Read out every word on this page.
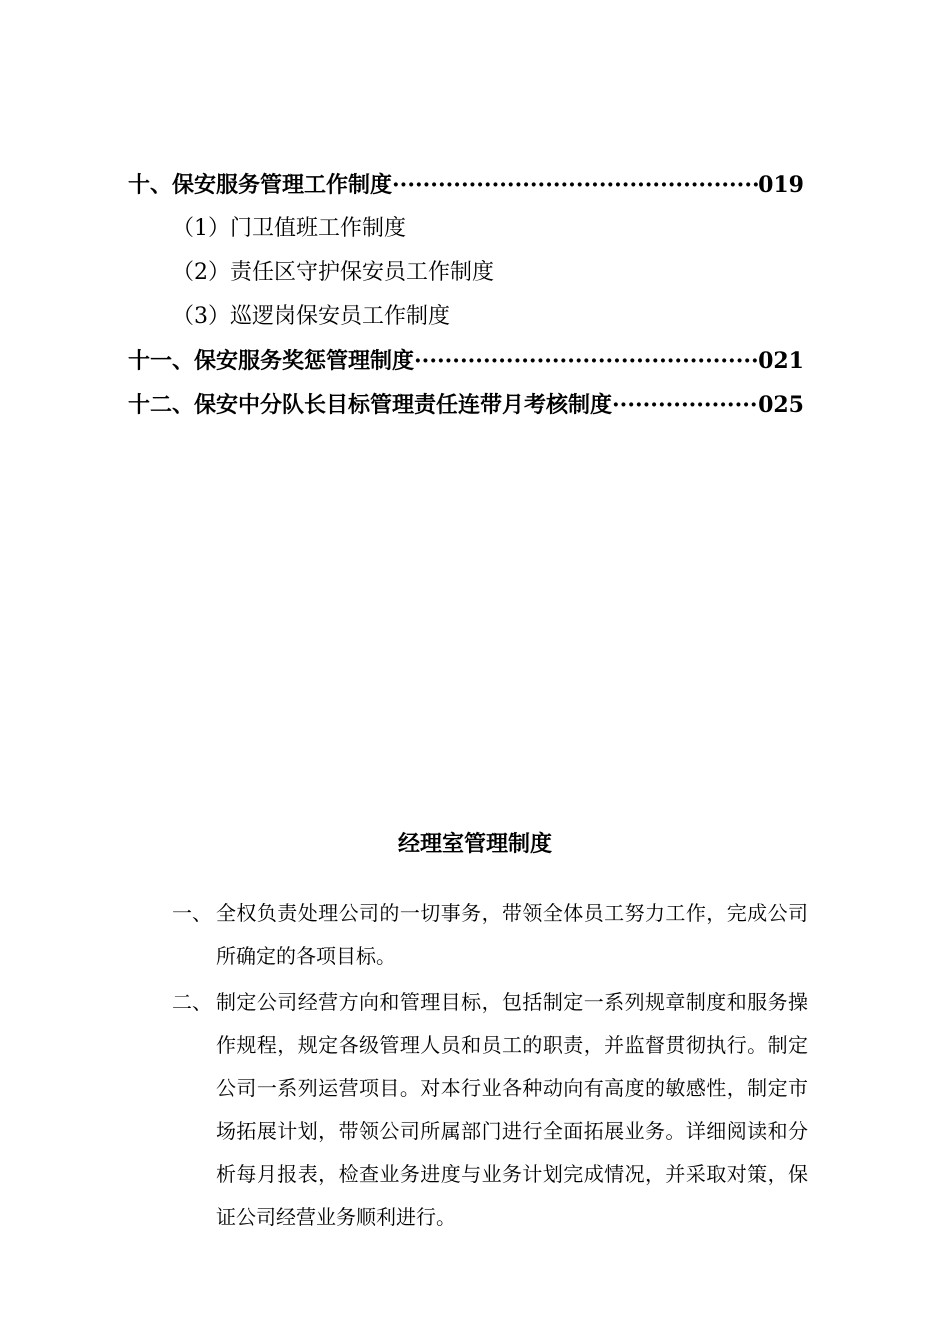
十、保安服务管理工作制度 ·····	019
（1）门卫值班工作制度
（2）责任区守护保安员工作制度
（3）巡逻岗保安员工作制度
十一、保安服务奖惩管理制度 ·····	021
十二、保安中分队长目标管理责任连带月考核制度 ·····	025
经理室管理制度
一、 全权负责处理公司的一切事务，带领全体员工努力工作，完成公司所确定的各项目标。
二、 制定公司经营方向和管理目标，包括制定一系列规章制度和服务操作规程，规定各级管理人员和员工的职责，并监督贯彻执行。制定公司一系列运营项目。对本行业各种动向有高度的敏感性，制定市场拓展计划，带领公司所属部门进行全面拓展业务。详细阅读和分析每月报表，检查业务进度与业务计划完成情况，并采取对策，保证公司经营业务顺利进行。
